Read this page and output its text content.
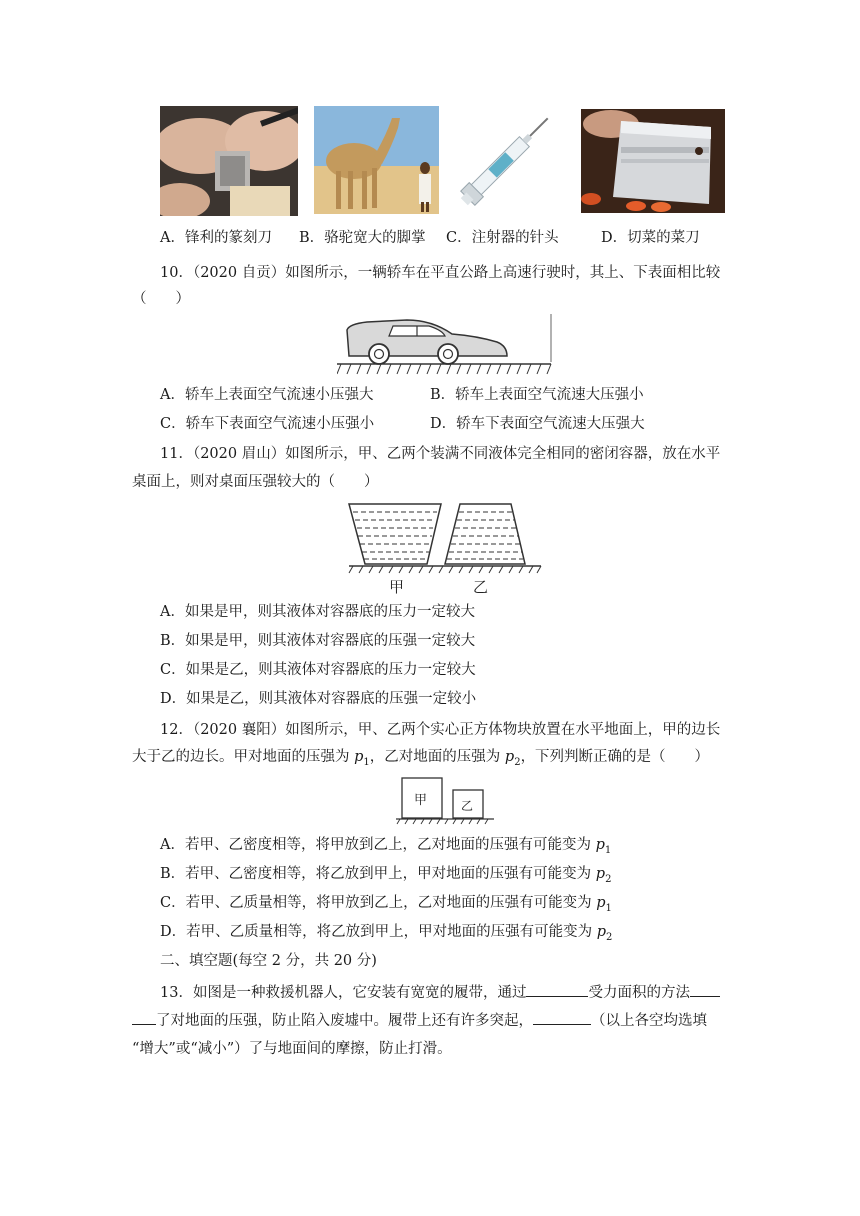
A．锋利的篆刻刀 B．骆驼宽大的脚掌 C．注射器的针头	D．切菜的菜刀
10．（2020 自贡）如图所示，一辆轿车在平直公路上高速行驶时，其上、下表面相比较
（　　）
A．轿车上表面空气流速小压强大	B．轿车上表面空气流速大压强小
C．轿车下表面空气流速小压强小	D．轿车下表面空气流速大压强大
11．（2020 眉山）如图所示，甲、乙两个装满不同液体完全相同的密闭容器，放在水平
桌面上，则对桌面压强较大的（　　）
甲	乙
A．如果是甲，则其液体对容器底的压力一定较大
B．如果是甲，则其液体对容器底的压强一定较大
C．如果是乙，则其液体对容器底的压力一定较大
D．如果是乙，则其液体对容器底的压强一定较小
12．（2020 襄阳）如图所示，甲、乙两个实心正方体物块放置在水平地面上，甲的边长
大于乙的边长。甲对地面的压强为 $p_1$，乙对地面的压强为 $p_2$，下列判断正确的是（　　）
甲	乙
A．若甲、乙密度相等，将甲放到乙上，乙对地面的压强有可能变为 $p_1$
B．若甲、乙密度相等，将乙放到甲上，甲对地面的压强有可能变为 $p_2$
C．若甲、乙质量相等，将甲放到乙上，乙对地面的压强有可能变为 $p_1$
D．若甲、乙质量相等，将乙放到甲上，甲对地面的压强有可能变为 $p_2$
二、填空题(每空 2 分，共 20 分)
13．如图是一种救援机器人，它安装有宽宽的履带，通过	受力面积的方法
了对地面的压强，防止陷入废墟中。履带上还有许多突起，	（以上各空均选填
“增大”或“减小”）了与地面间的摩擦，防止打滑。
